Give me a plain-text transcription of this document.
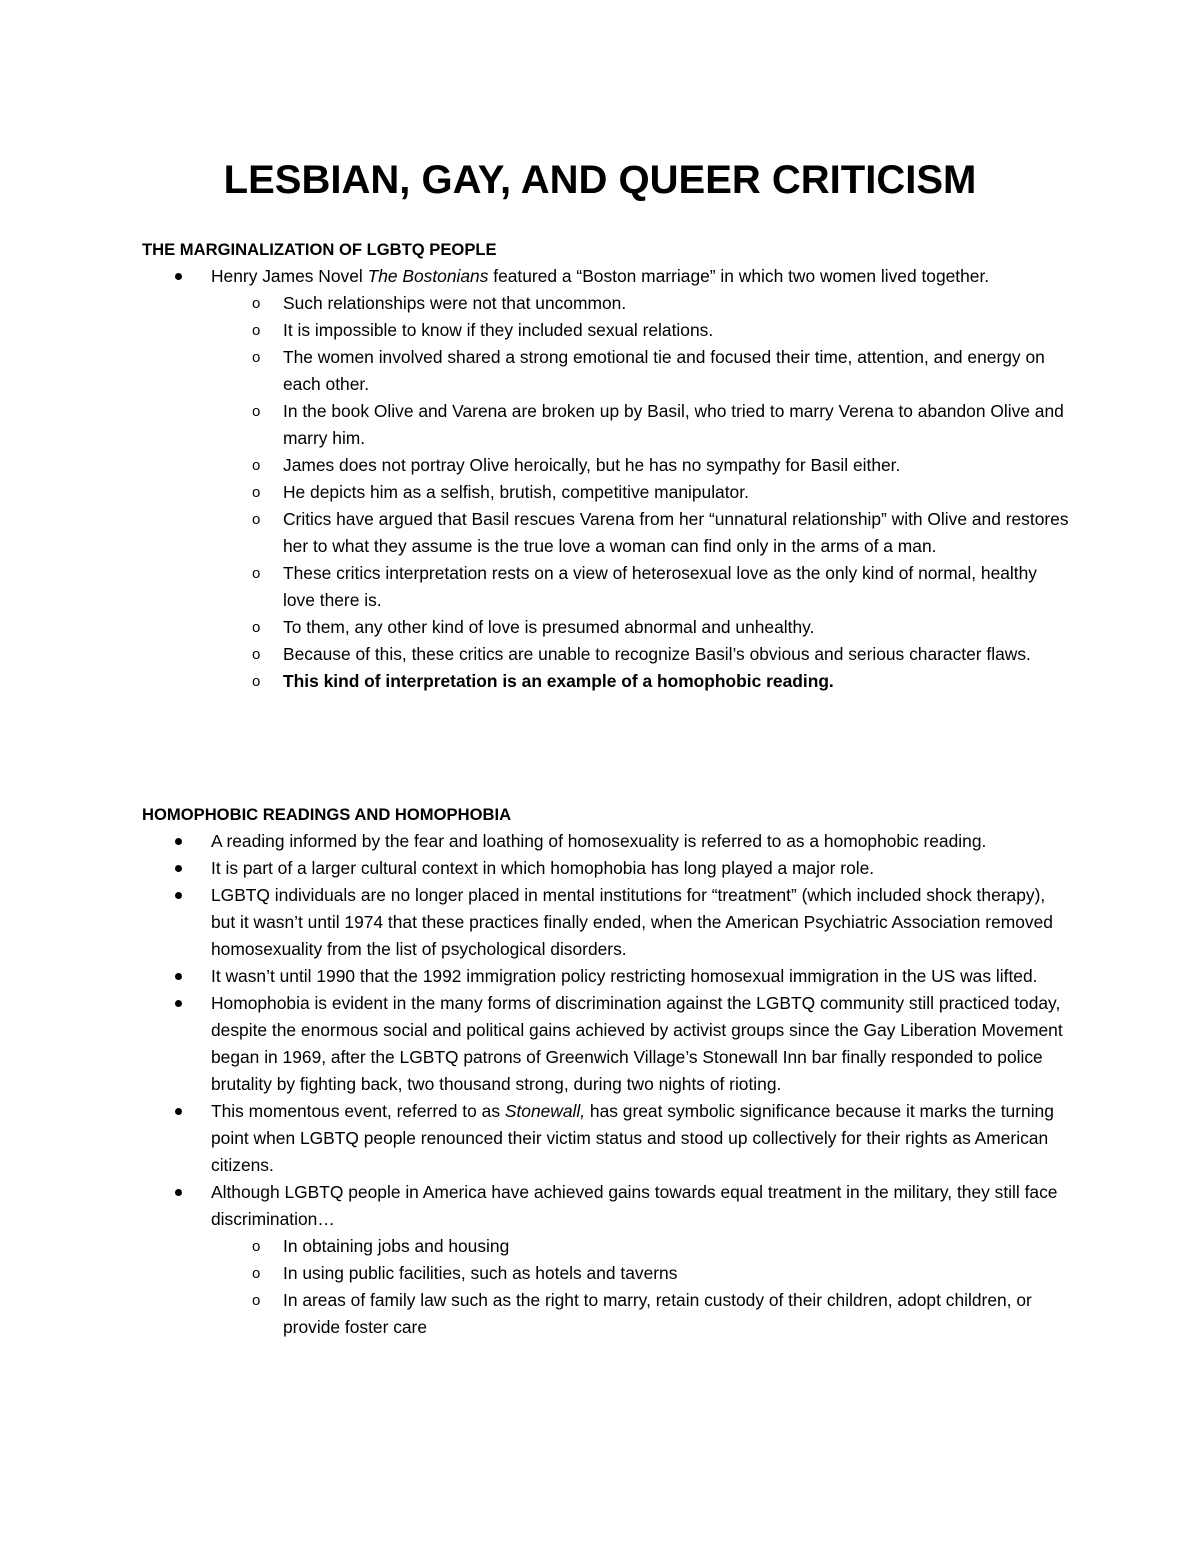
LESBIAN, GAY, AND QUEER CRITICISM
THE MARGINALIZATION OF LGBTQ PEOPLE
Henry James Novel The Bostonians featured a “Boston marriage” in which two women lived together.
o Such relationships were not that uncommon.
o It is impossible to know if they included sexual relations.
o The women involved shared a strong emotional tie and focused their time, attention, and energy on each other.
o In the book Olive and Varena are broken up by Basil, who tried to marry Verena to abandon Olive and marry him.
o James does not portray Olive heroically, but he has no sympathy for Basil either.
o He depicts him as a selfish, brutish, competitive manipulator.
o Critics have argued that Basil rescues Varena from her “unnatural relationship” with Olive and restores her to what they assume is the true love a woman can find only in the arms of a man.
o These critics interpretation rests on a view of heterosexual love as the only kind of normal, healthy love there is.
o To them, any other kind of love is presumed abnormal and unhealthy.
o Because of this, these critics are unable to recognize Basil’s obvious and serious character flaws.
o This kind of interpretation is an example of a homophobic reading.
HOMOPHOBIC READINGS AND HOMOPHOBIA
A reading informed by the fear and loathing of homosexuality is referred to as a homophobic reading.
It is part of a larger cultural context in which homophobia has long played a major role.
LGBTQ individuals are no longer placed in mental institutions for “treatment” (which included shock therapy), but it wasn’t until 1974 that these practices finally ended, when the American Psychiatric Association removed homosexuality from the list of psychological disorders.
It wasn’t until 1990 that the 1992 immigration policy restricting homosexual immigration in the US was lifted.
Homophobia is evident in the many forms of discrimination against the LGBTQ community still practiced today, despite the enormous social and political gains achieved by activist groups since the Gay Liberation Movement began in 1969, after the LGBTQ patrons of Greenwich Village’s Stonewall Inn bar finally responded to police brutality by fighting back, two thousand strong, during two nights of rioting.
This momentous event, referred to as Stonewall, has great symbolic significance because it marks the turning point when LGBTQ people renounced their victim status and stood up collectively for their rights as American citizens.
Although LGBTQ people in America have achieved gains towards equal treatment in the military, they still face discrimination…
o In obtaining jobs and housing
o In using public facilities, such as hotels and taverns
o In areas of family law such as the right to marry, retain custody of their children, adopt children, or provide foster care
